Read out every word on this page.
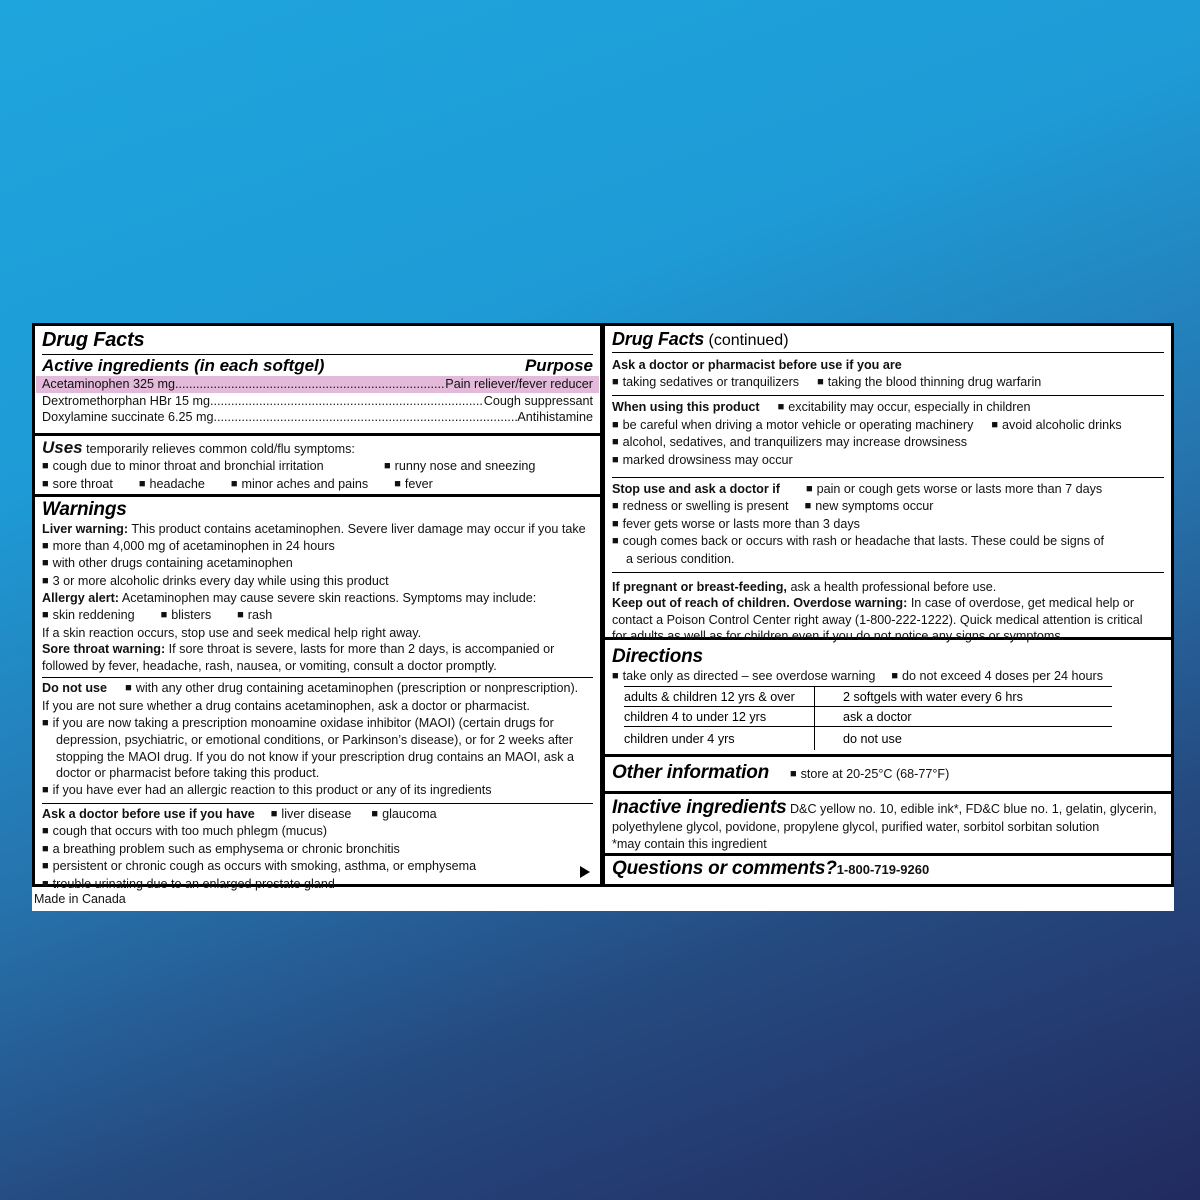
Drug Facts
Active ingredients (in each softgel)	Purpose
Acetaminophen 325 mg .....	Pain reliever/fever reducer
Dextromethorphan HBr 15 mg .....	Cough suppressant
Doxylamine succinate 6.25 mg .....	Antihistamine
Uses temporarily relieves common cold/flu symptoms:
■ cough due to minor throat and bronchial irritation	■ runny nose and sneezing
■ sore throat	■ headache	■ minor aches and pains	■ fever
Warnings
Liver warning: This product contains acetaminophen. Severe liver damage may occur if you take
■ more than 4,000 mg of acetaminophen in 24 hours
■ with other drugs containing acetaminophen
■ 3 or more alcoholic drinks every day while using this product
Allergy alert: Acetaminophen may cause severe skin reactions. Symptoms may include:
■ skin reddening	■ blisters	■ rash
If a skin reaction occurs, stop use and seek medical help right away.
Sore throat warning: If sore throat is severe, lasts for more than 2 days, is accompanied or
followed by fever, headache, rash, nausea, or vomiting, consult a doctor promptly.
Do not use ■ with any other drug containing acetaminophen (prescription or nonprescription).
If you are not sure whether a drug contains acetaminophen, ask a doctor or pharmacist.
■ if you are now taking a prescription monoamine oxidase inhibitor (MAOI) (certain drugs for
depression, psychiatric, or emotional conditions, or Parkinson’s disease), or for 2 weeks after
stopping the MAOI drug. If you do not know if your prescription drug contains an MAOI, ask a
doctor or pharmacist before taking this product.
■ if you have ever had an allergic reaction to this product or any of its ingredients
Ask a doctor before use if you have ■ liver disease ■ glaucoma
■ cough that occurs with too much phlegm (mucus)
■ a breathing problem such as emphysema or chronic bronchitis
■ persistent or chronic cough as occurs with smoking, asthma, or emphysema
■ trouble urinating due to an enlarged prostate gland
Drug Facts (continued)
Ask a doctor or pharmacist before use if you are
■ taking sedatives or tranquilizers ■ taking the blood thinning drug warfarin
When using this product ■ excitability may occur, especially in children
■ be careful when driving a motor vehicle or operating machinery ■ avoid alcoholic drinks
■ alcohol, sedatives, and tranquilizers may increase drowsiness
■ marked drowsiness may occur
Stop use and ask a doctor if	■ pain or cough gets worse or lasts more than 7 days
■ redness or swelling is present ■ new symptoms occur
■ fever gets worse or lasts more than 3 days
■ cough comes back or occurs with rash or headache that lasts. These could be signs of
a serious condition.
If pregnant or breast-feeding, ask a health professional before use.
Keep out of reach of children. Overdose warning: In case of overdose, get medical help or
contact a Poison Control Center right away (1-800-222-1222). Quick medical attention is critical
for adults as well as for children even if you do not notice any signs or symptoms.
Directions
■ take only as directed – see overdose warning ■ do not exceed 4 doses per 24 hours
adults & children 12 yrs & over	2 softgels with water every 6 hrs
children 4 to under 12 yrs	ask a doctor
children under 4 yrs	do not use
Other information	■ store at 20-25°C (68-77°F)
Inactive ingredients D&C yellow no. 10, edible ink*, FD&C blue no. 1, gelatin, glycerin,
polyethylene glycol, povidone, propylene glycol, purified water, sorbitol sorbitan solution
*may contain this ingredient
Questions or comments?1-800-719-9260
Made in Canada
